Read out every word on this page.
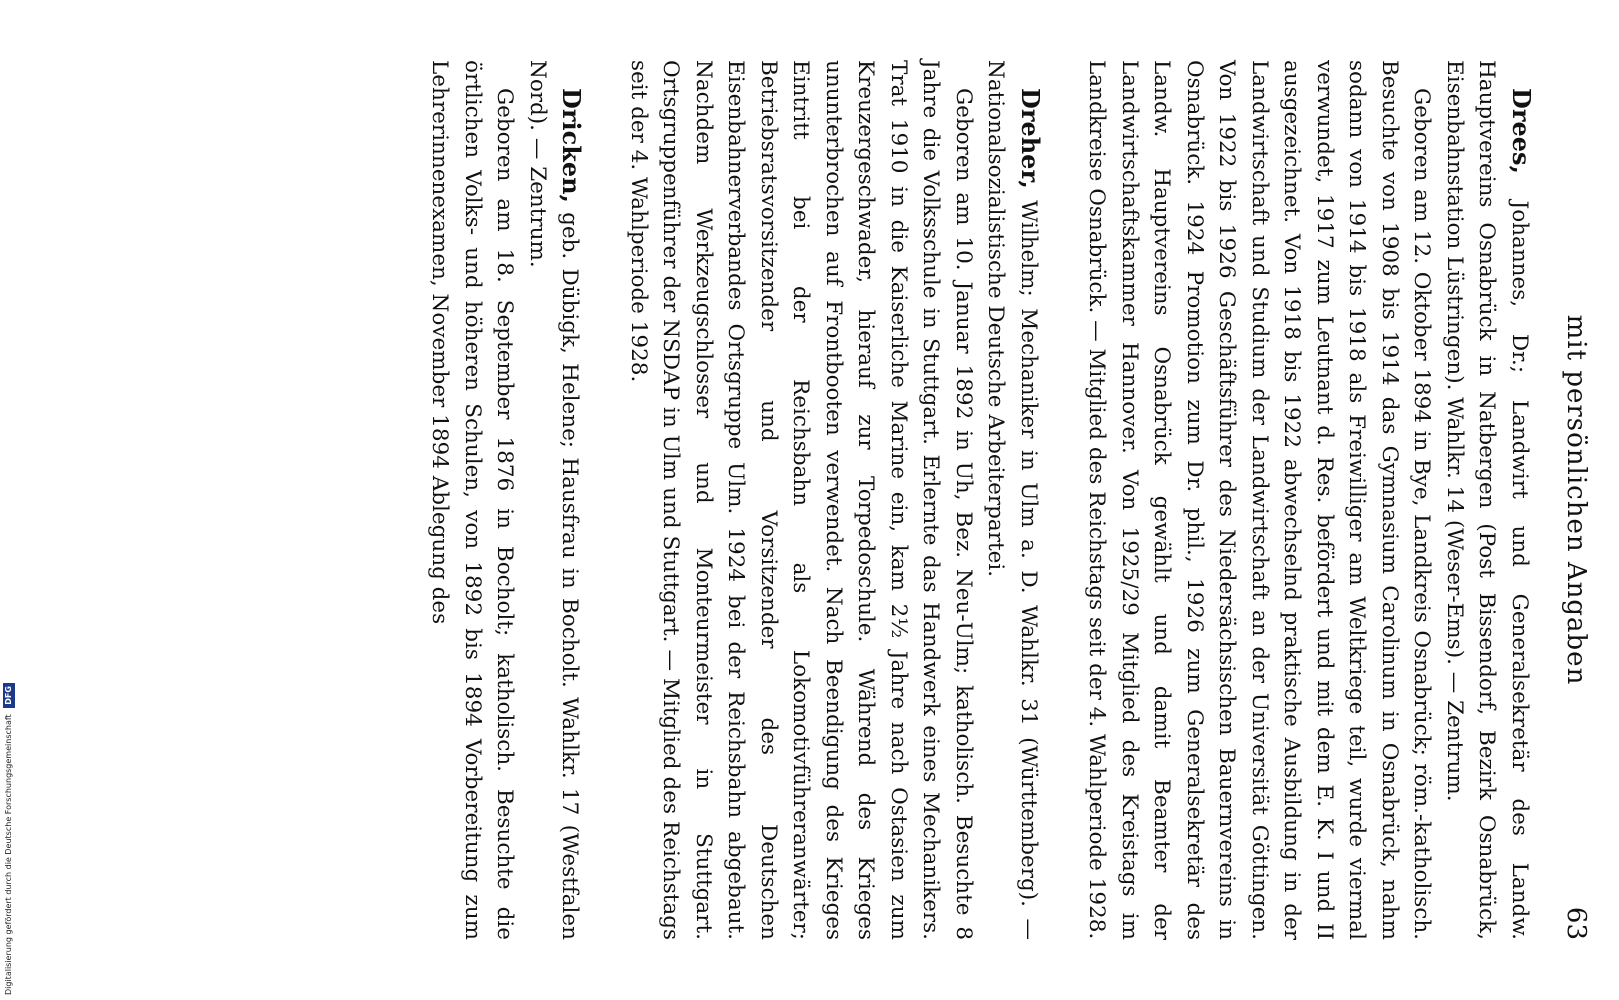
mit persönlichen Angaben
63

Drees, Johannes, Dr.; Landwirt und Generalsekretär des Landw. Hauptvereins Osnabrück in Natbergen (Post Bissendorf, Bezirk Osnabrück, Eisenbahnstation Lüstringen). Wahlkr. 14 (Weser-Ems). — Zentrum.

Geboren am 12. Oktober 1894 in Bye, Landkreis Osnabrück; röm.-katholisch. Besuchte von 1908 bis 1914 das Gymnasium Carolinum in Osnabrück, nahm sodann von 1914 bis 1918 als Freiwilliger am Weltkriege teil, wurde viermal verwundet, 1917 zum Leutnant d. Res. befördert und mit dem E. K. I und II ausgezeichnet. Von 1918 bis 1922 abwechselnd praktische Ausbildung in der Landwirtschaft und Studium der Landwirtschaft an der Universität Göttingen. Von 1922 bis 1926 Geschäftsführer des Niedersächsischen Bauernvereins in Osnabrück. 1924 Promotion zum Dr. phil., 1926 zum Generalsekretär des Landw. Hauptvereins Osnabrück gewählt und damit Beamter der Landwirtschaftskammer Hannover. Von 1925/29 Mitglied des Kreistags im Landkreise Osnabrück. — Mitglied des Reichstags seit der 4. Wahlperiode 1928.

Dreher, Wilhelm; Mechaniker in Ulm a. D. Wahlkr. 31 (Württemberg). — Nationalsozialistische Deutsche Arbeiterpartei.

Geboren am 10. Januar 1892 in Uh, Bez. Neu-Ulm; katholisch. Besuchte 8 Jahre die Volksschule in Stuttgart. Erlernte das Handwerk eines Mechanikers. Trat 1910 in die Kaiserliche Marine ein, kam 2½ Jahre nach Ostasien zum Kreuzergeschwader, hierauf zur Torpedoschule. Während des Krieges ununterbrochen auf Frontbooten verwendet. Nach Beendigung des Krieges Eintritt bei der Reichsbahn als Lokomotivführeranwärter; Betriebsratsvorsitzender und Vorsitzender des Deutschen Eisenbahnerverbandes Ortsgruppe Ulm. 1924 bei der Reichsbahn abgebaut. Nachdem Werkzeugschlosser und Monteurmeister in Stuttgart. Ortsgruppenführer der NSDAP in Ulm und Stuttgart. — Mitglied des Reichstags seit der 4. Wahlperiode 1928.

Dricken, geb. Dübigk, Helene; Hausfrau in Bocholt. Wahlkr. 17 (Westfalen Nord). — Zentrum.

Geboren am 18. September 1876 in Bocholt; katholisch. Besuchte die örtlichen Volks- und höheren Schulen, von 1892 bis 1894 Vorbereitung zum Lehrerinnenexamen, November 1894 Ablegung des

Digitalisierung gefördert durch die Deutsche Forschungsgemeinschaft DFG
